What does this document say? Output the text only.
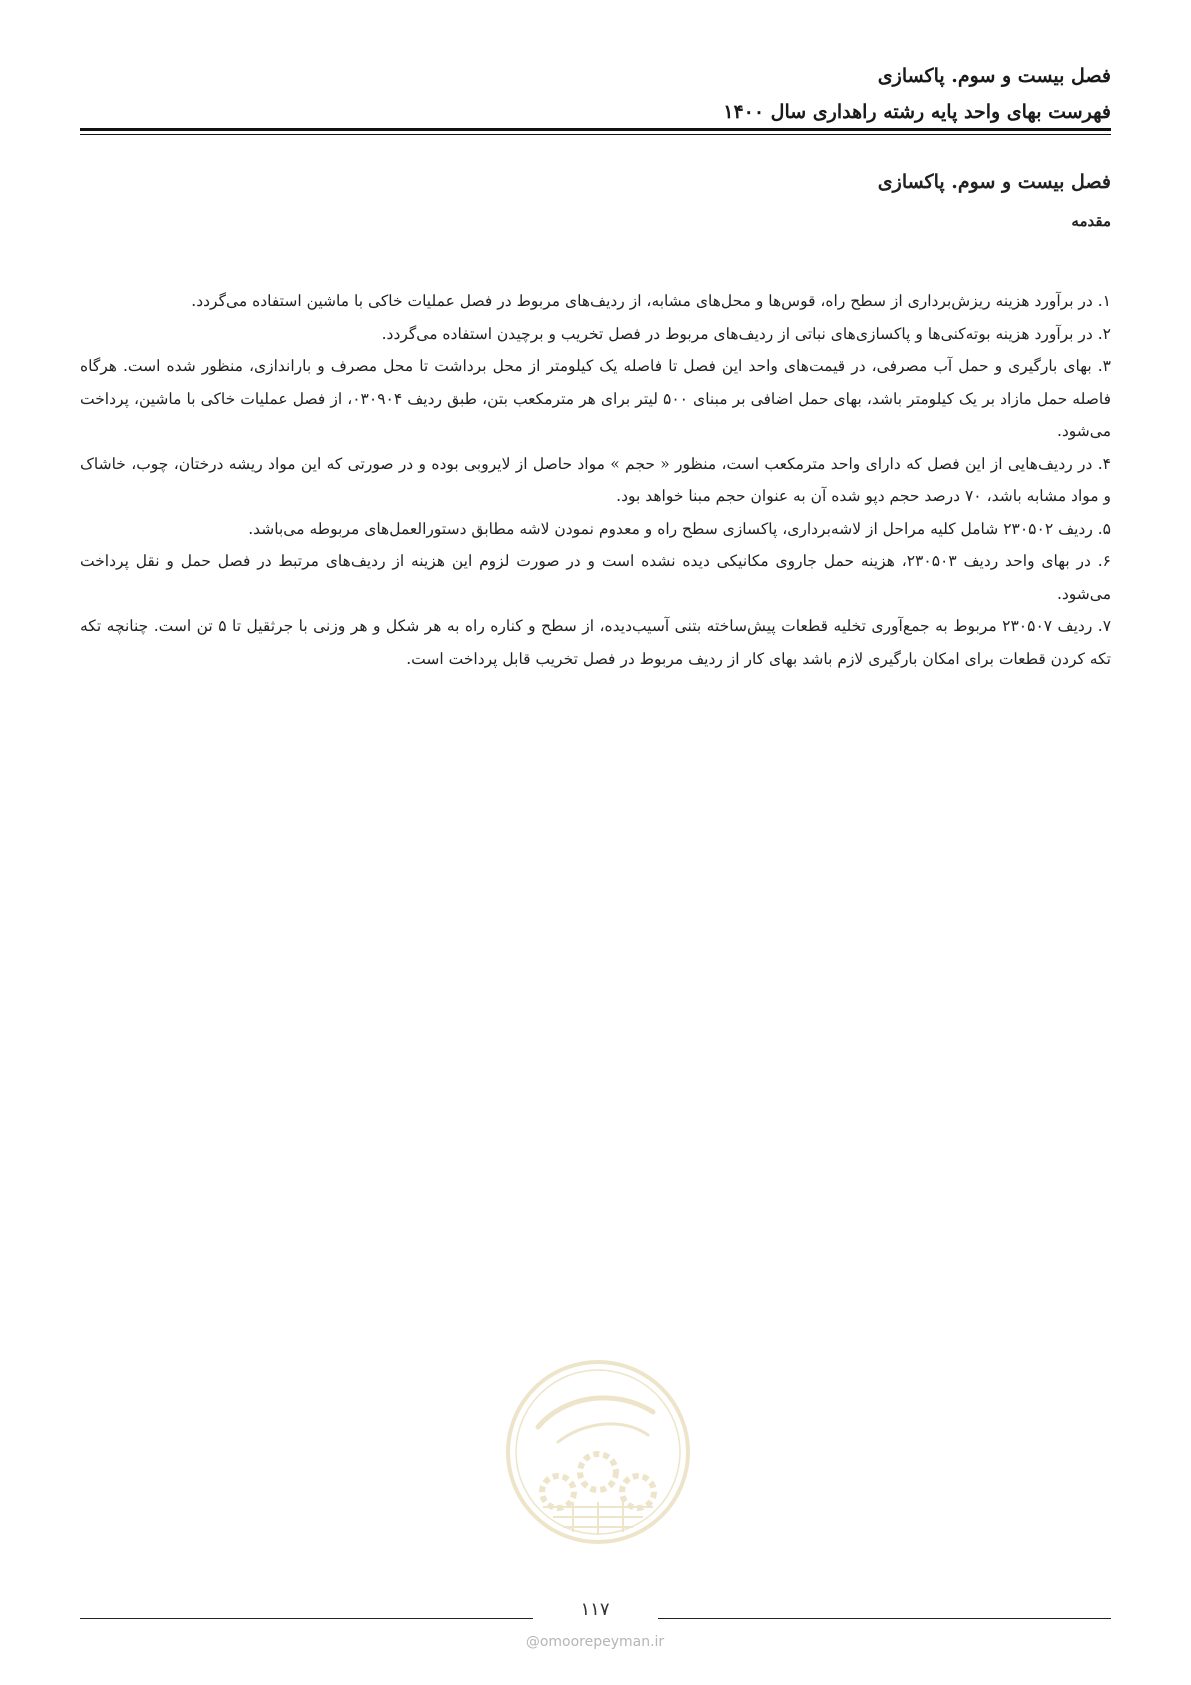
فصل بیست و سوم. پاکسازی
فهرست بهای واحد پایه رشته راهداری سال ۱۴۰۰
فصل بیست و سوم. پاکسازی
مقدمه

۱. در برآورد هزینه ریزش‌برداری از سطح راه، قوس‌ها و محل‌های مشابه، از ردیف‌های مربوط در فصل عملیات خاکی با ماشین استفاده می‌گردد.

۲. در برآورد هزینه بوته‌کنی‌ها و پاکسازی‌های نباتی از ردیف‌های مربوط در فصل تخریب و برچیدن استفاده می‌گردد.

۳. بهای بارگیری و حمل آب مصرفی، در قیمت‌های واحد این فصل تا فاصله یک کیلومتر از محل برداشت تا محل مصرف و باراندازی، منظور شده است. هرگاه فاصله حمل مازاد بر یک کیلومتر باشد، بهای حمل اضافی بر مبنای ۵۰۰ لیتر برای هر مترمکعب بتن، طبق ردیف ۰۳۰۹۰۴، از فصل عملیات خاکی با ماشین، پرداخت می‌شود.

۴. در ردیف‌هایی از این فصل که دارای واحد مترمکعب است، منظور « حجم » مواد حاصل از لایروبی بوده و در صورتی که این مواد ریشه درختان، چوب، خاشاک و مواد مشابه باشد، ۷۰ درصد حجم دپو شده آن به عنوان حجم مبنا خواهد بود.

۵. ردیف ۲۳۰۵۰۲ شامل کلیه مراحل از لاشه‌برداری، پاکسازی سطح راه و معدوم نمودن لاشه مطابق دستورالعمل‌های مربوطه می‌باشد.

۶. در بهای واحد ردیف ۲۳۰۵۰۳، هزینه حمل جاروی مکانیکی دیده نشده است و در صورت لزوم این هزینه از ردیف‌های مرتبط در فصل حمل و نقل پرداخت می‌شود.

۷. ردیف ۲۳۰۵۰۷ مربوط به جمع‌آوری تخلیه قطعات پیش‌ساخته بتنی آسیب‌دیده، از سطح و کناره راه به هر شکل و هر وزنی با جرثقیل تا ۵ تن است. چنانچه تکه تکه کردن قطعات برای امکان بارگیری لازم باشد بهای کار از ردیف مربوط در فصل تخریب قابل پرداخت است.

۱۱۷
@omoorepeyman.ir
